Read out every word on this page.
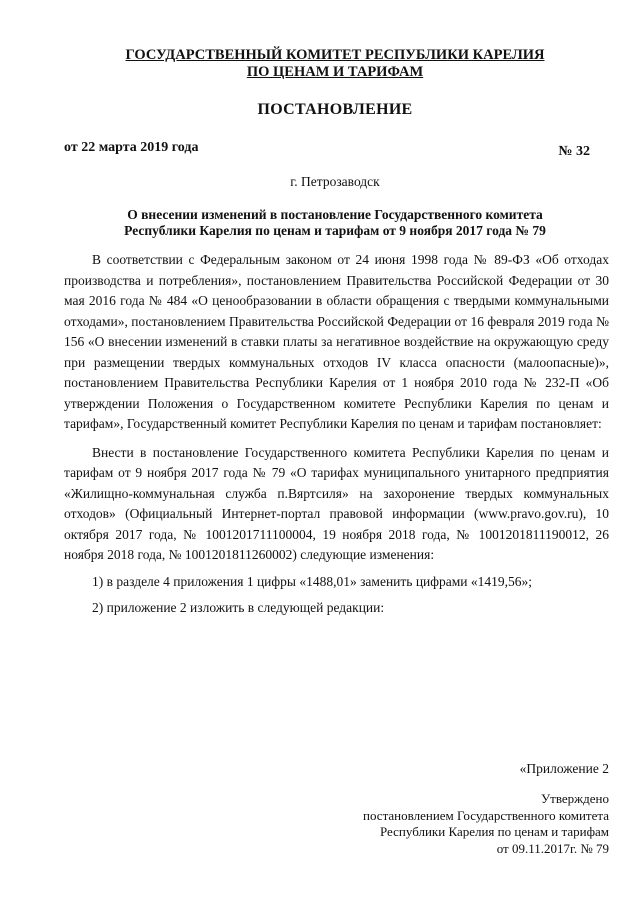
ГОСУДАРСТВЕННЫЙ КОМИТЕТ РЕСПУБЛИКИ КАРЕЛИЯ
ПО ЦЕНАМ И ТАРИФАМ
ПОСТАНОВЛЕНИЕ
от 22 марта 2019 года	№ 32
г. Петрозаводск
О внесении изменений в постановление Государственного комитета
Республики Карелия по ценам и тарифам от 9 ноября 2017 года № 79

В соответствии с Федеральным законом от 24 июня 1998 года № 89-ФЗ «Об отходах производства и потребления», постановлением Правительства Российской Федерации от 30 мая 2016 года № 484 «О ценообразовании в области обращения с твердыми коммунальными отходами», постановлением Правительства Российской Федерации от 16 февраля 2019 года № 156 «О внесении изменений в ставки платы за негативное воздействие на окружающую среду при размещении твердых коммунальных отходов IV класса опасности (малоопасные)», постановлением Правительства Республики Карелия от 1 ноября 2010 года № 232-П «Об утверждении Положения о Государственном комитете Республики Карелия по ценам и тарифам», Государственный комитет Республики Карелия по ценам и тарифам постановляет:

Внести в постановление Государственного комитета Республики Карелия по ценам и тарифам от 9 ноября 2017 года № 79 «О тарифах муниципального унитарного предприятия «Жилищно-коммунальная служба п.Вяртсиля» на захоронение твердых коммунальных отходов» (Официальный Интернет-портал правовой информации (www.pravo.gov.ru), 10 октября 2017 года, № 1001201711100004, 19 ноября 2018 года, № 1001201811190012, 26 ноября 2018 года, № 1001201811260002) следующие изменения:

1) в разделе 4 приложения 1 цифры «1488,01» заменить цифрами «1419,56»;

2) приложение 2 изложить в следующей редакции:

«Приложение 2
Утверждено
постановлением Государственного комитета
Республики Карелия по ценам и тарифам
от 09.11.2017г. № 79
